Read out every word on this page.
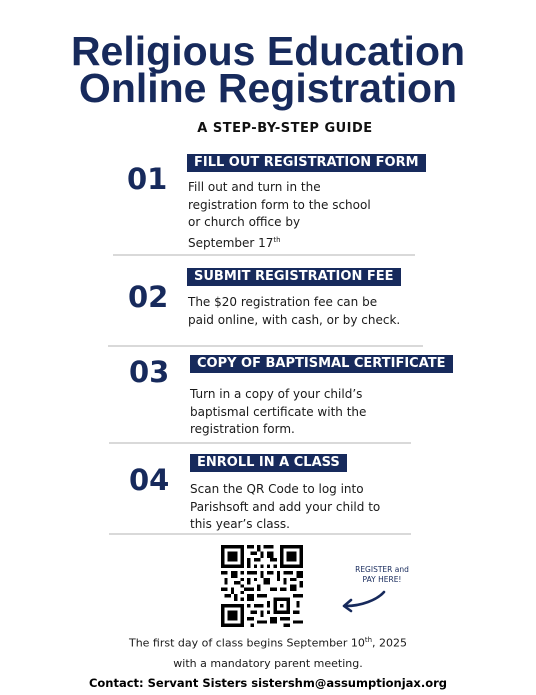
Religious Education
Online Registration
A STEP-BY-STEP GUIDE
01	FILL OUT REGISTRATION FORM
Fill out and turn in the
registration form to the school
or church office by
September 17th
02
SUBMIT REGISTRATION FEE
The $20 registration fee can be
paid online, with cash, or by check.
03	COPY OF BAPTISMAL CERTIFICATE
Turn in a copy of your child’s
baptismal certificate with the
registration form.
04
ENROLL IN A CLASS
Scan the QR Code to log into
Parishsoft and add your child to
this year’s class.
REGISTER and
PAY HERE!
The first day of class begins September 10th, 2025
with a mandatory parent meeting.
Contact: Servant Sisters sistershm@assumptionjax.org
